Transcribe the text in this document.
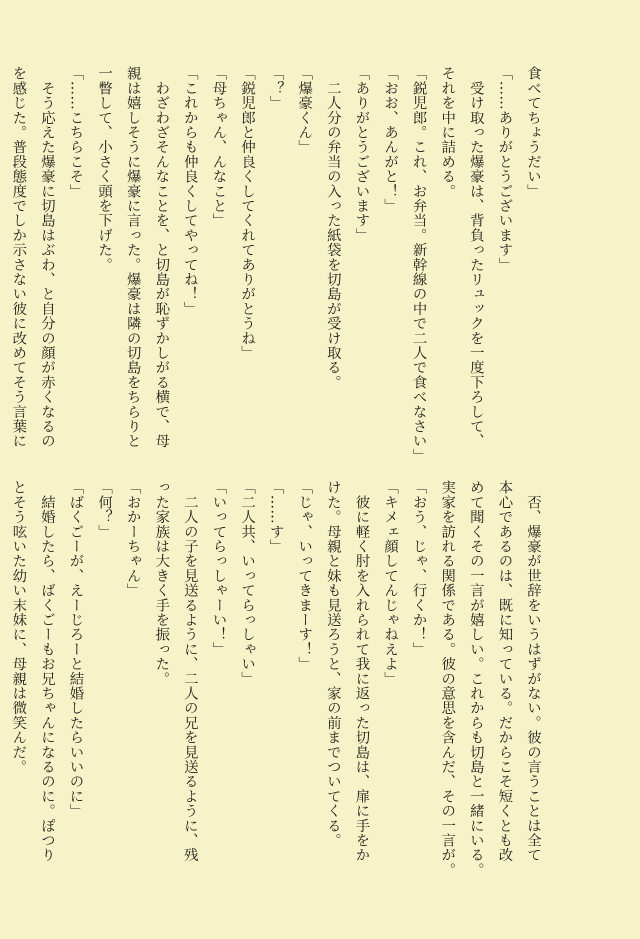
食べてちょうだい」
「……ありがとうございます」
　受け取った爆豪は、背負ったリュックを一度下ろして、
それを中に詰める。
「鋭児郎。これ、お弁当。新幹線の中で二人で食べなさい」
「おお、あんがと！」
「ありがとうございます」
　二人分の弁当の入った紙袋を切島が受け取る。
「爆豪くん」
「？」
「鋭児郎と仲良くしてくれてありがとうね」
「母ちゃん、んなこと」
「これからも仲良くしてやってね！」
　わざわざそんなことを、と切島が恥ずかしがる横で、母
親は嬉しそうに爆豪に言った。爆豪は隣の切島をちらりと
一瞥して、小さく頭を下げた。
「……こちらこそ」
　そう応えた爆豪に切島はぶわ、と自分の顔が赤くなるの
を感じた。普段態度でしか示さない彼に改めてそう言葉に
　否、爆豪が世辞をいうはずがない。彼の言うことは全て
本心であるのは、既に知っている。だからこそ短くとも改
めて聞くその一言が嬉しい。これからも切島と一緒にいる。
実家を訪れる関係である。彼の意思を含んだ、その一言が。
「おう、じゃ、行くか！」
「キメェ顔してんじゃねえよ」
　彼に軽く肘を入れられて我に返った切島は、扉に手をか
けた。母親と妹も見送ろうと、家の前までついてくる。
「じゃ、いってきまーす！」
「……す」
「二人共、いってらっしゃい」
「いってらっしゃーい！」
　二人の子を見送るように、二人の兄を見送るように、残
った家族は大きく手を振った。
「おかーちゃん」
「何？」
「ばくごーが、えーじろーと結婚したらいいのに」
　結婚したら、ばくごーもお兄ちゃんになるのに。ぽつり
とそう呟いた幼い末妹に、母親は微笑んだ。
